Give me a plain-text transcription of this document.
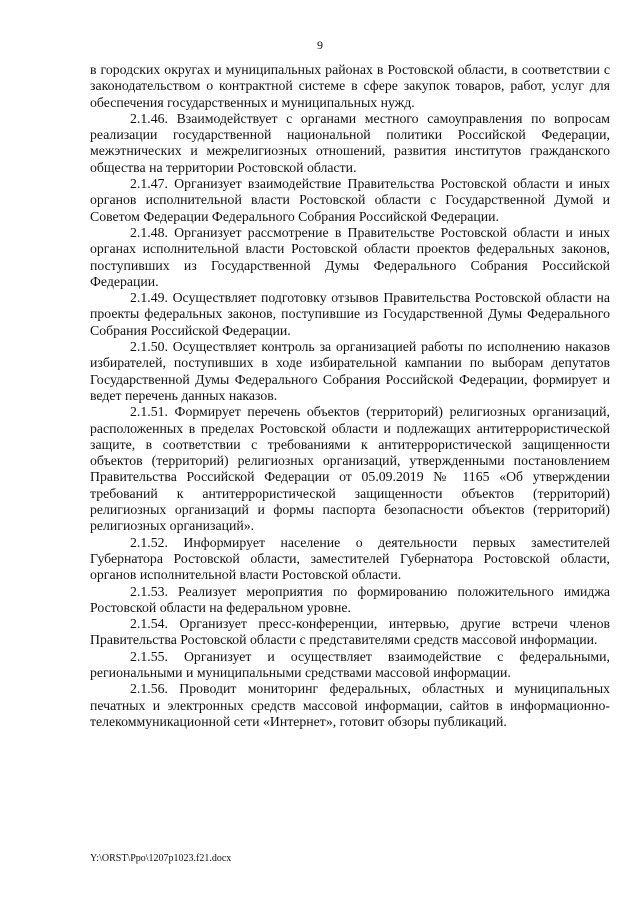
9

в городских округах и муниципальных районах в Ростовской области, в соответствии с законодательством о контрактной системе в сфере закупок товаров, работ, услуг для обеспечения государственных и муниципальных нужд.

2.1.46. Взаимодействует с органами местного самоуправления по вопросам реализации государственной национальной политики Российской Федерации, межэтнических и межрелигиозных отношений, развития институтов гражданского общества на территории Ростовской области.

2.1.47. Организует взаимодействие Правительства Ростовской области и иных органов исполнительной власти Ростовской области с Государственной Думой и Советом Федерации Федерального Собрания Российской Федерации.

2.1.48. Организует рассмотрение в Правительстве Ростовской области и иных органах исполнительной власти Ростовской области проектов федеральных законов, поступивших из Государственной Думы Федерального Собрания Российской Федерации.

2.1.49. Осуществляет подготовку отзывов Правительства Ростовской области на проекты федеральных законов, поступившие из Государственной Думы Федерального Собрания Российской Федерации.

2.1.50. Осуществляет контроль за организацией работы по исполнению наказов избирателей, поступивших в ходе избирательной кампании по выборам депутатов Государственной Думы Федерального Собрания Российской Федерации, формирует и ведет перечень данных наказов.

2.1.51. Формирует перечень объектов (территорий) религиозных организаций, расположенных в пределах Ростовской области и подлежащих антитеррористической защите, в соответствии с требованиями к антитеррористической защищенности объектов (территорий) религиозных организаций, утвержденными постановлением Правительства Российской Федерации от 05.09.2019 № 1165 «Об утверждении требований к антитеррористической защищенности объектов (территорий) религиозных организаций и формы паспорта безопасности объектов (территорий) религиозных организаций».

2.1.52. Информирует население о деятельности первых заместителей Губернатора Ростовской области, заместителей Губернатора Ростовской области, органов исполнительной власти Ростовской области.

2.1.53. Реализует мероприятия по формированию положительного имиджа Ростовской области на федеральном уровне.

2.1.54. Организует пресс-конференции, интервью, другие встречи членов Правительства Ростовской области с представителями средств массовой информации.

2.1.55. Организует и осуществляет взаимодействие с федеральными, региональными и муниципальными средствами массовой информации.

2.1.56. Проводит мониторинг федеральных, областных и муниципальных печатных и электронных средств массовой информации, сайтов в информационно-телекоммуникационной сети «Интернет», готовит обзоры публикаций.

Y:\ORST\Ppo\1207p1023.f21.docx
